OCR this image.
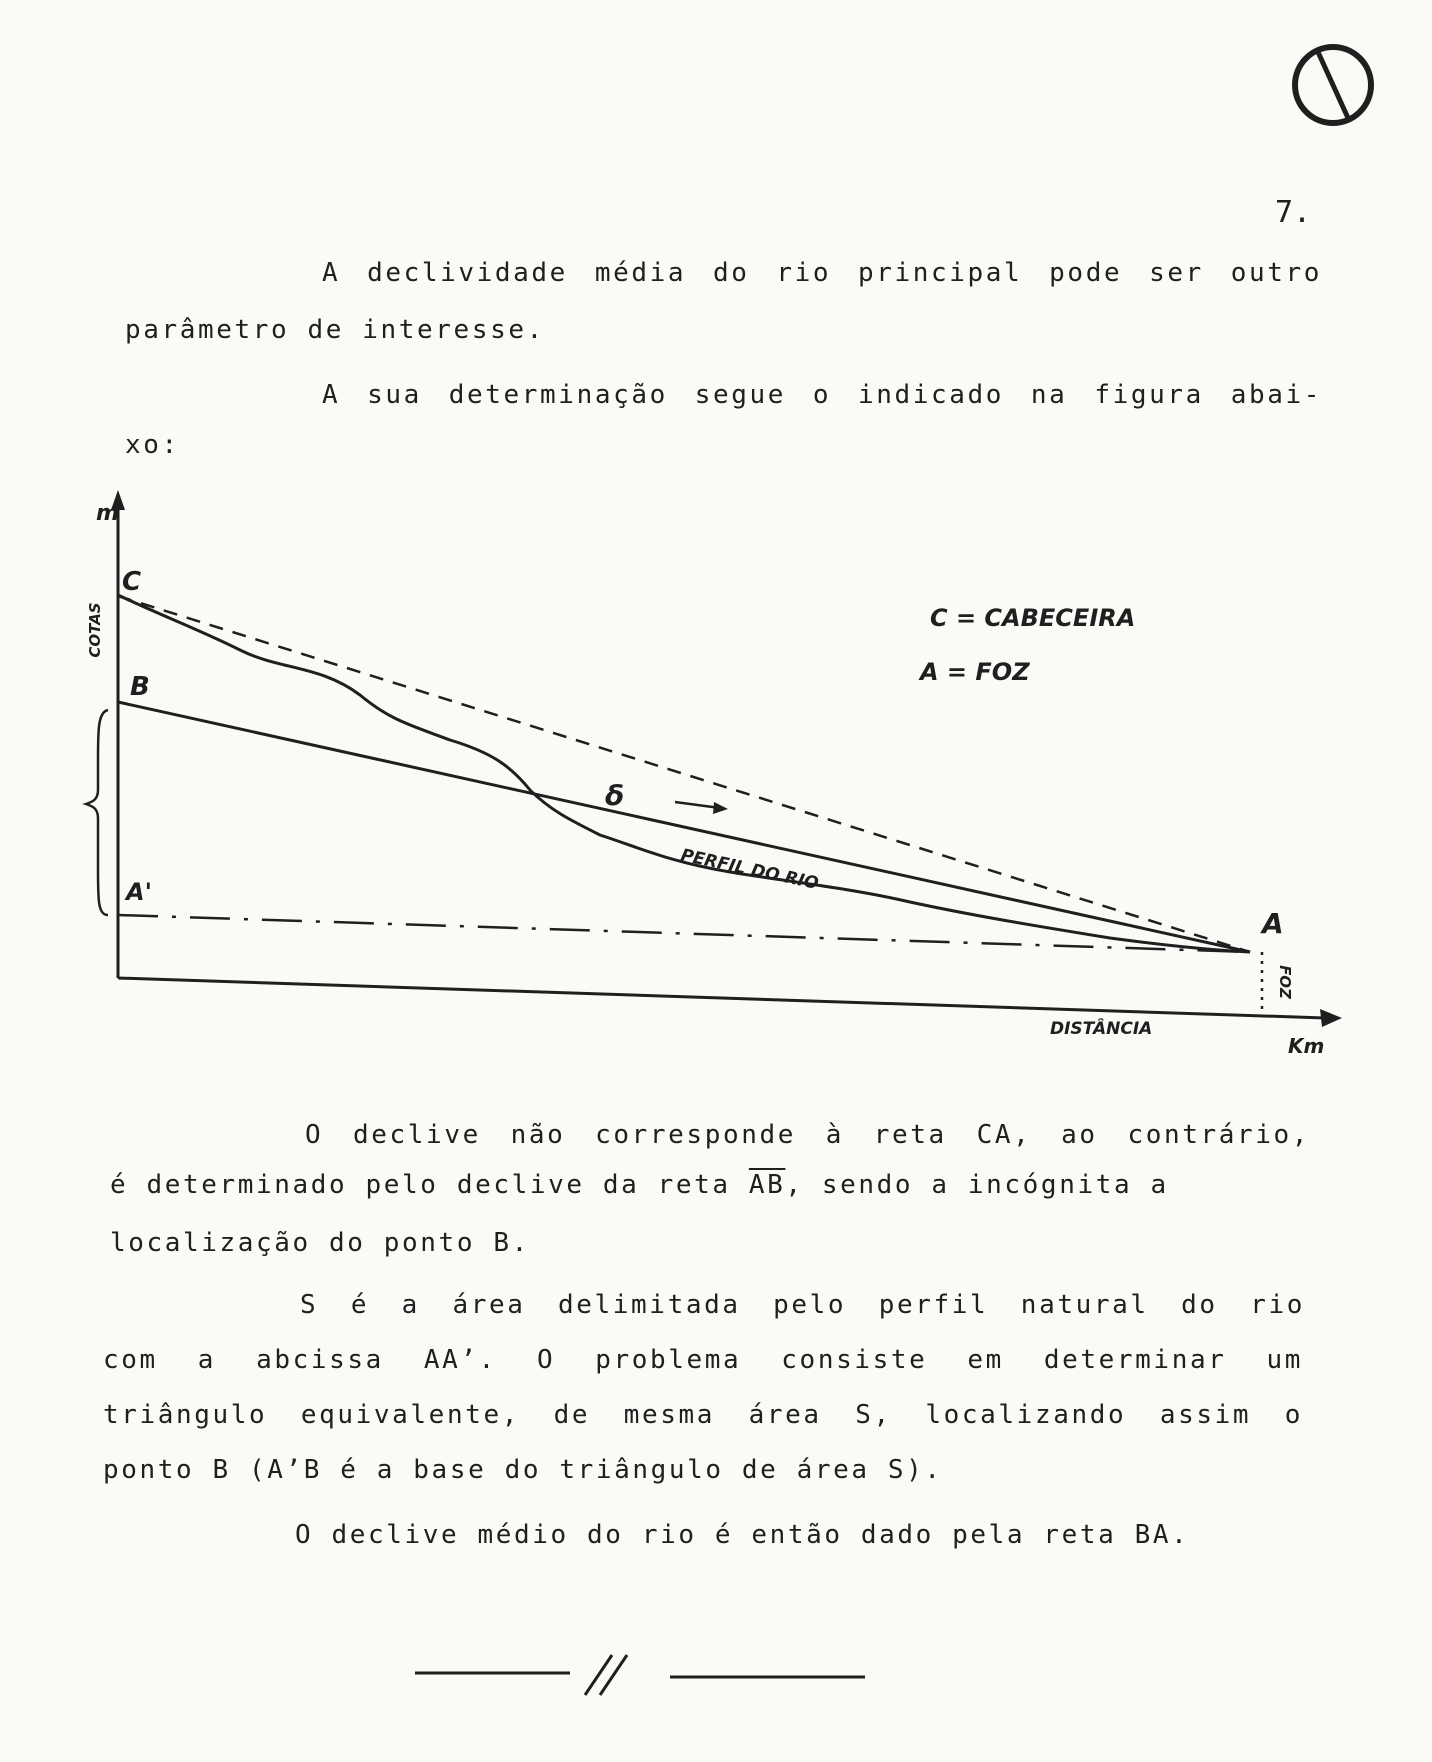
7.
A declividade média do rio principal pode ser outro
parâmetro de interesse.
A sua determinação segue o indicado na figura abai-
xo:
m
COTAS
C
B
A'
A
FOZ
δ
PERFIL DO RIO
C = CABECEIRA
A = FOZ
DISTÂNCIA
Km
O declive não corresponde à reta CA, ao contrário,
é determinado pelo declive da reta $\overline{AB}$, sendo a incógnita a
localização do ponto B.
S é a área delimitada pelo perfil natural do rio
com a abcissa AA’. O problema consiste em determinar um
triângulo equivalente, de mesma área S, localizando assim o
ponto B (A’B é a base do triângulo de área S).
O declive médio do rio é então dado pela reta BA.
